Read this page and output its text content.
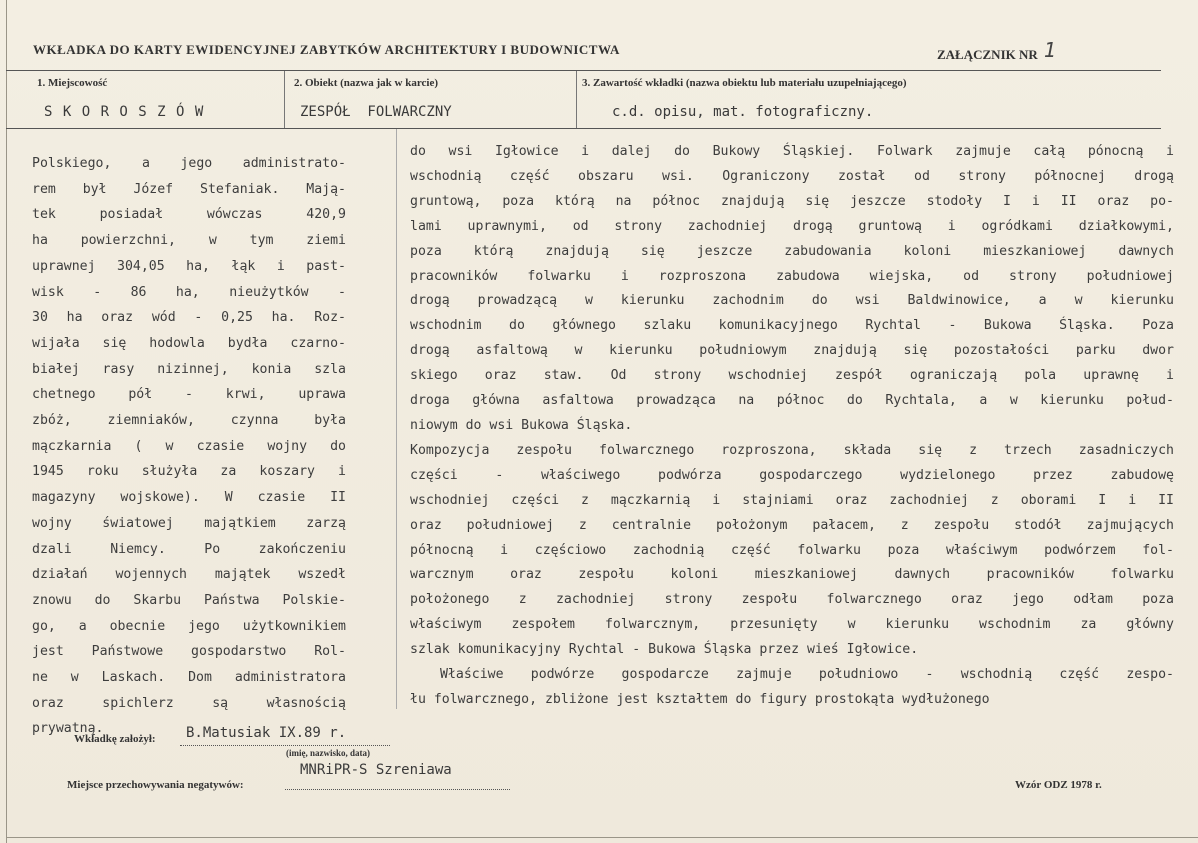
WKŁADKA DO KARTY EWIDENCYJNEJ ZABYTKÓW ARCHITEKTURY I BUDOWNICTWA	ZAŁĄCZNIK NR 1
1. Miejscowość
S K O R O S Z Ó W
2. Obiekt (nazwa jak w karcie)
ZESPÓŁ  FOLWARCZNY
3. Zawartość wkładki (nazwa obiektu lub materiału uzupełniającego)
c.d. opisu, mat. fotograficzny.
Polskiego, a jego administrato-
rem był Józef Stefaniak. Mają-
tek posiadał wówczas 420,9
ha powierzchni, w tym ziemi
uprawnej 304,05 ha, łąk i past-
wisk - 86 ha, nieużytków -
30 ha oraz wód - 0,25 ha. Roz-
wijała się hodowla bydła czarno-
białej rasy nizinnej, konia szla
chetnego pół - krwi, uprawa
zbóż, ziemniaków, czynna była
mączkarnia ( w czasie wojny do
1945 roku służyła za koszary i
magazyny wojskowe). W czasie II
wojny światowej majątkiem zarzą
dzali Niemcy. Po zakończeniu
działań wojennych majątek wszedł
znowu do Skarbu Państwa Polskie-
go, a obecnie jego użytkownikiem
jest Państwowe gospodarstwo Rol-
ne w Laskach. Dom administratora
oraz spichlerz są własnością
prywatną.
do wsi Igłowice i dalej do Bukowy Śląskiej. Folwark zajmuje całą pónocną i
wschodnią część obszaru wsi. Ograniczony został od strony północnej drogą
gruntową, poza którą na północ znajdują się jeszcze stodoły I i II oraz po-
lami uprawnymi, od strony zachodniej drogą gruntową i ogródkami działkowymi,
poza którą znajdują się jeszcze zabudowania koloni mieszkaniowej dawnych
pracowników folwarku i rozproszona zabudowa wiejska, od strony południowej
drogą prowadzącą w kierunku zachodnim do wsi Baldwinowice, a w kierunku
wschodnim do głównego szlaku komunikacyjnego Rychtal - Bukowa Śląska. Poza
drogą asfaltową w kierunku południowym znajdują się pozostałości parku dwor
skiego oraz staw. Od strony wschodniej zespół ograniczają pola uprawnę i
droga główna asfaltowa prowadząca na północ do Rychtala, a w kierunku połud-
niowym do wsi Bukowa Śląska.
Kompozycja zespołu folwarcznego rozproszona, składa się z trzech zasadniczych
części - właściwego podwórza gospodarczego wydzielonego przez zabudowę
wschodniej części z mączkarnią i stajniami oraz zachodniej z oborami I i II
oraz południowej z centralnie położonym pałacem, z zespołu stodół zajmujących
północną i częściowo zachodnią część folwarku poza właściwym podwórzem fol-
warcznym oraz zespołu koloni mieszkaniowej dawnych pracowników folwarku
położonego z zachodniej strony zespołu folwarcznego oraz jego odłam poza
właściwym zespołem folwarcznym, przesunięty w kierunku wschodnim za główny
szlak komunikacyjny Rychtal - Bukowa Śląska przez wieś Igłowice.
Właściwe podwórze gospodarcze zajmuje południowo - wschodnią część zespo-
łu folwarcznego, zbliżone jest kształtem do figury prostokąta wydłużonego
Wkładkę założył: B.Matusiak IX.89 r.
(imię, nazwisko, data)
Miejsce przechowywania negatywów:
MNRiPR-S Szreniawa
Wzór ODZ 1978 r.
